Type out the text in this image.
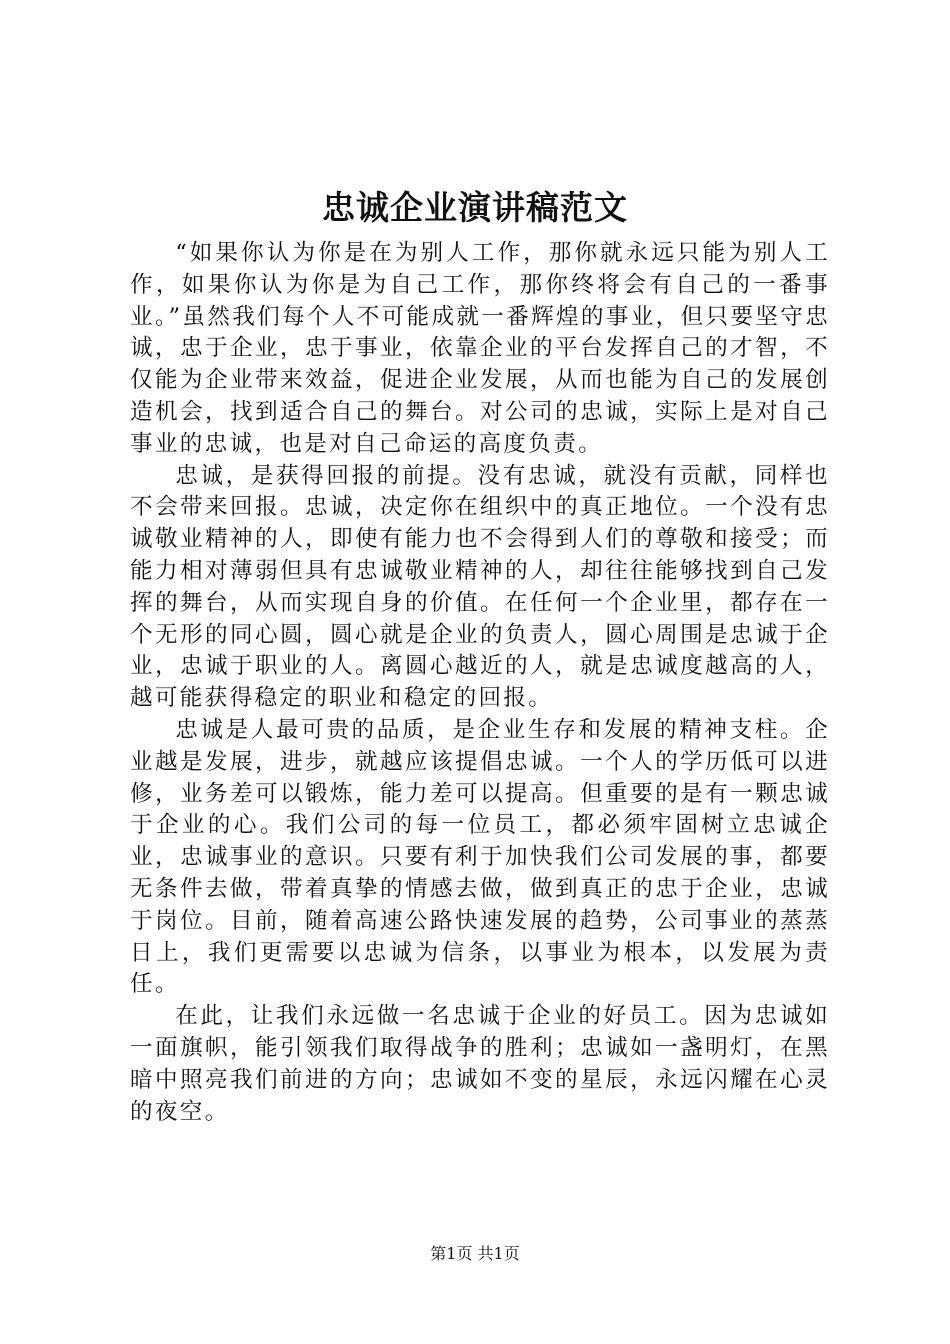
忠诚企业演讲稿范文

“如果你认为你是在为别人工作，那你就永远只能为别人工作，如果你认为你是为自己工作，那你终将会有自己的一番事业。”虽然我们每个人不可能成就一番辉煌的事业，但只要坚守忠诚，忠于企业，忠于事业，依靠企业的平台发挥自己的才智，不仅能为企业带来效益，促进企业发展，从而也能为自己的发展创造机会，找到适合自己的舞台。对公司的忠诚，实际上是对自己事业的忠诚，也是对自己命运的高度负责。

忠诚，是获得回报的前提。没有忠诚，就没有贡献，同样也不会带来回报。忠诚，决定你在组织中的真正地位。一个没有忠诚敬业精神的人，即使有能力也不会得到人们的尊敬和接受；而能力相对薄弱但具有忠诚敬业精神的人，却往往能够找到自己发挥的舞台，从而实现自身的价值。在任何一个企业里，都存在一个无形的同心圆，圆心就是企业的负责人，圆心周围是忠诚于企业，忠诚于职业的人。离圆心越近的人，就是忠诚度越高的人，越可能获得稳定的职业和稳定的回报。

忠诚是人最可贵的品质，是企业生存和发展的精神支柱。企业越是发展，进步，就越应该提倡忠诚。一个人的学历低可以进修，业务差可以锻炼，能力差可以提高。但重要的是有一颗忠诚于企业的心。我们公司的每一位员工，都必须牢固树立忠诚企业，忠诚事业的意识。只要有利于加快我们公司发展的事，都要无条件去做，带着真挚的情感去做，做到真正的忠于企业，忠诚于岗位。目前，随着高速公路快速发展的趋势，公司事业的蒸蒸日上，我们更需要以忠诚为信条，以事业为根本，以发展为责任。

在此，让我们永远做一名忠诚于企业的好员工。因为忠诚如一面旗帜，能引领我们取得战争的胜利；忠诚如一盏明灯，在黑暗中照亮我们前进的方向；忠诚如不变的星辰，永远闪耀在心灵的夜空。

第1页 共1页
